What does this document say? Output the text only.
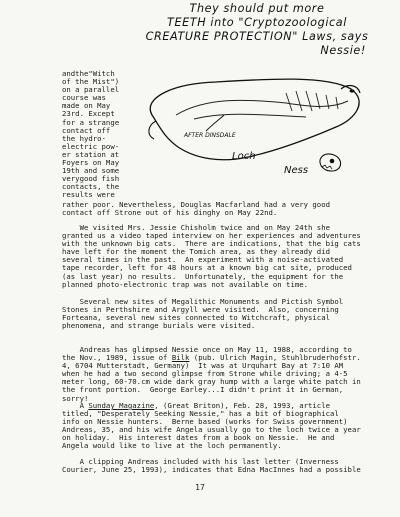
They should put more
TEETH into "Cryptozoological
CREATURE PROTECTION" Laws, says
Nessie!
andthe"Witch
of the Mist")
on a parallel
course was
made on May
23rd. Except
for a strange
contact off
the hydro-
electric pow-
er station at
Foyers on May
19th and some
verygood fish
contacts, the
results were
AFTER DINSDALE
Loch
Ness
rather poor. Nevertheless, Douglas Macfarland had a very good
contact off Strone out of his dinghy on May 22nd.
We visited Mrs. Jessie Chisholm twice and on May 24th she
granted us a video taped interview on her experiences and adventures
with the unknown big cats.  There are indications, that the big cats
have left for the moment the Tomich area, as they already did
several times in the past.  An experiment with a noise-activated
tape recorder, left for 48 hours at a known big cat site, produced
(as last year) no results.  Unfortunately, the equipment for the
planned photo-electronic trap was not available on time.
Several new sites of Megalithic Monuments and Pictish Symbol
Stones in Perthshire and Argyll were visited.  Also, concerning
Forteana, several new sites connected to Witchcraft, physical
phenomena, and strange burials were visited.
Andreas has glimpsed Nessie once on May 11, 1988, according to
the Nov., 1989, issue of Bilk (pub. Ulrich Magin, Stuhlbruderhofstr.
4, 6704 Mutterstadt, Germany)  It was at Urquhart Bay at 7:10 AM
when he had a two second glimpse from Strone while driving; a 4-5
meter long, 60-70.cm wide dark gray hump with a large white patch in
the front portion.  George Earley...I didn't print it in German,
sorry!
A Sunday Magazine, (Great Briton), Feb. 28, 1993, article
titled, "Desperately Seeking Nessie," has a bit of biographical
info on Nessie hunters.  Berne based (works for Swiss government)
Andreas, 35, and his wife Angela usually go to the loch twice a year
on holiday.  His interest dates from a book on Nessie.  He and
Angela would like to live at the loch permanently.
A clipping Andreas included with his last letter (Inverness
Courier, June 25, 1993), indicates that Edna MacInnes had a possible
17
